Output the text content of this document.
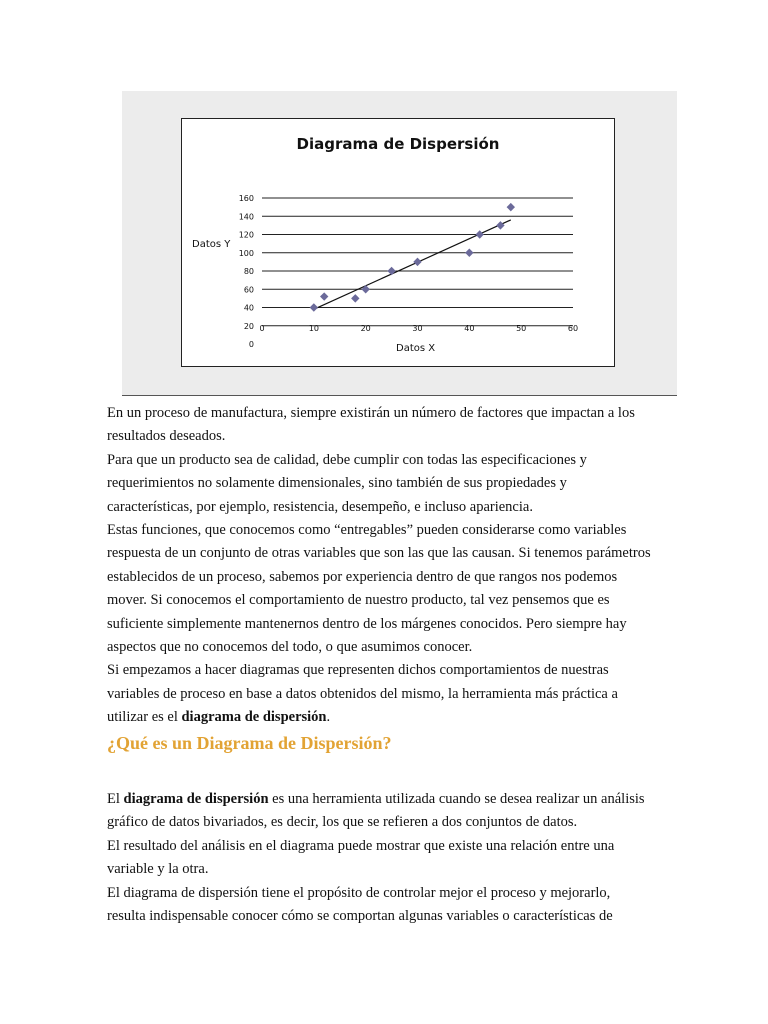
Diagrama de Dispersión
Datos Y
Datos X
0
20
40
60
80
100
120
140
160
0	10	20	30	40	50	60

En un proceso de manufactura, siempre existirán un número de factores que impactan a los resultados deseados.

Para que un producto sea de calidad, debe cumplir con todas las especificaciones y requerimientos no solamente dimensionales, sino también de sus propiedades y características, por ejemplo, resistencia, desempeño, e incluso apariencia.

Estas funciones, que conocemos como “entregables” pueden considerarse como variables respuesta de un conjunto de otras variables que son las que las causan. Si tenemos parámetros establecidos de un proceso, sabemos por experiencia dentro de que rangos nos podemos mover. Si conocemos el comportamiento de nuestro producto, tal vez pensemos que es suficiente simplemente mantenernos dentro de los márgenes conocidos. Pero siempre hay aspectos que no conocemos del todo, o que asumimos conocer.

Si empezamos a hacer diagramas que representen dichos comportamientos de nuestras variables de proceso en base a datos obtenidos del mismo, la herramienta más práctica a utilizar es el diagrama de dispersión.

¿Qué es un Diagrama de Dispersión?

El diagrama de dispersión es una herramienta utilizada cuando se desea realizar un análisis gráfico de datos bivariados, es decir, los que se refieren a dos conjuntos de datos.

El resultado del análisis en el diagrama puede mostrar que existe una relación entre una variable y la otra.

El diagrama de dispersión tiene el propósito de controlar mejor el proceso y mejorarlo, resulta indispensable conocer cómo se comportan algunas variables o características de
